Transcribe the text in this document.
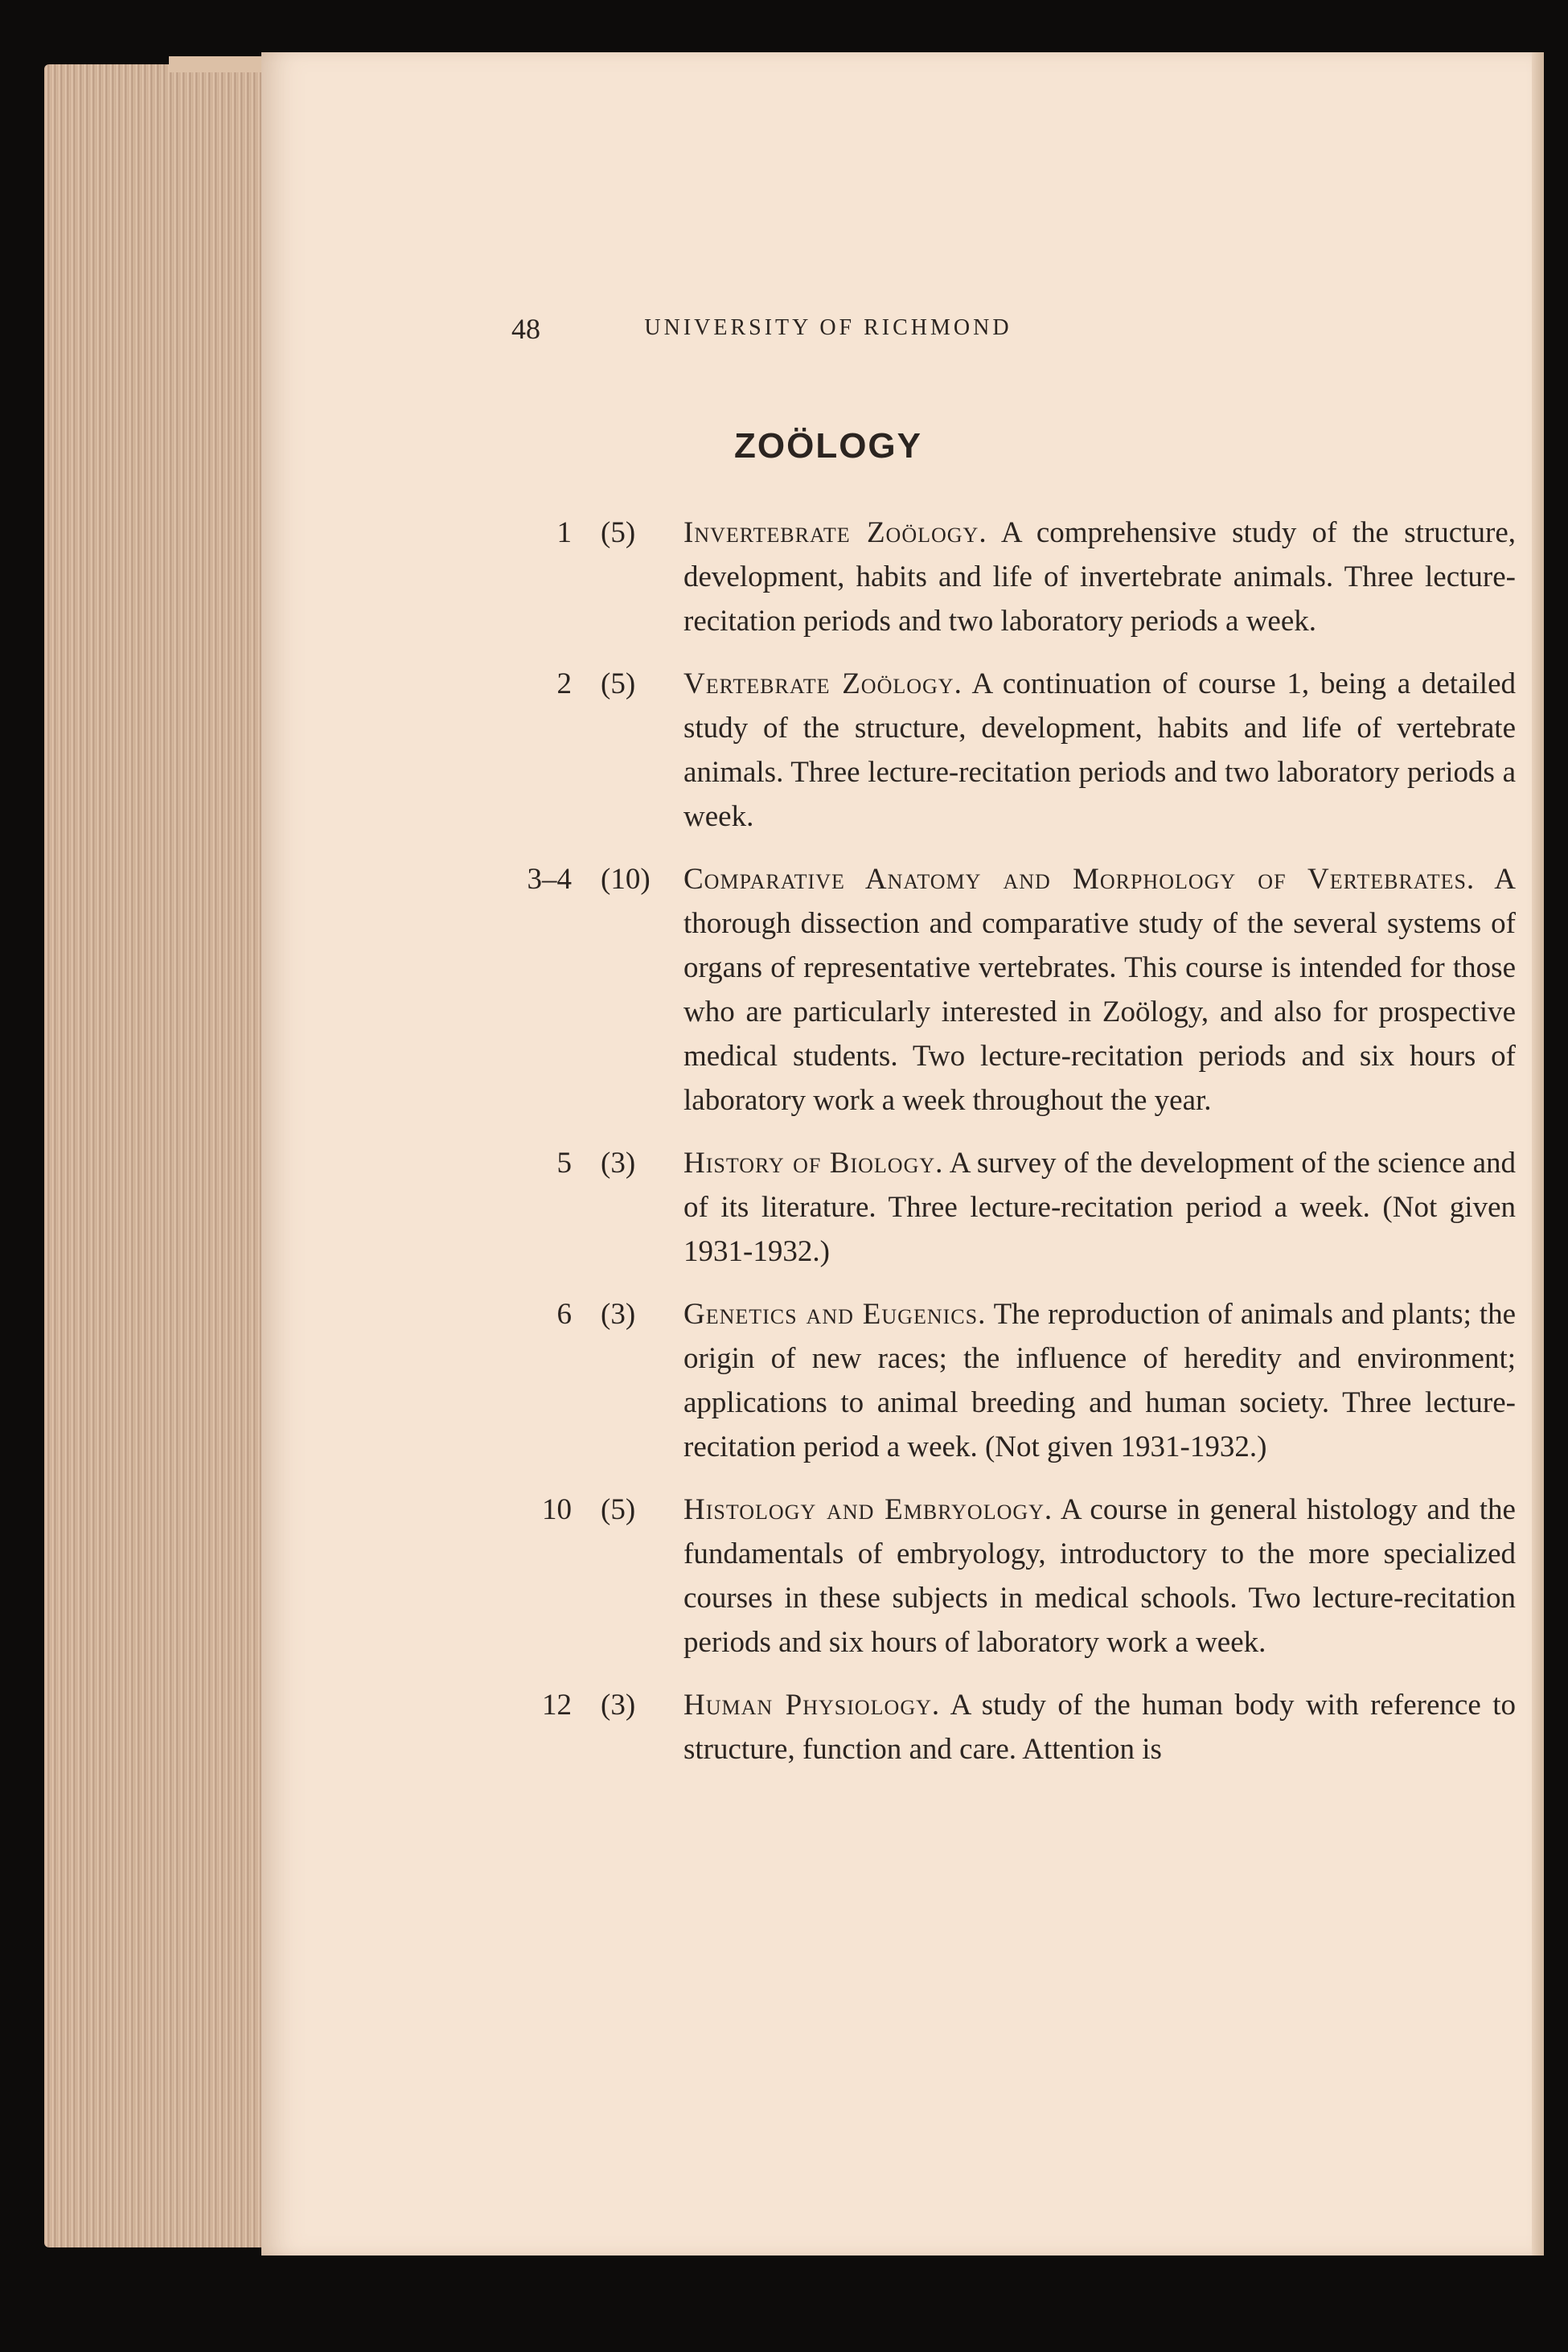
48	UNIVERSITY OF RICHMOND
ZOÖLOGY
1 (5)	Invertebrate Zoölogy. A comprehensive study of the structure, development, habits and life of invertebrate animals. Three lecture-recitation periods and two laboratory periods a week.
2 (5)	Vertebrate Zoölogy. A continuation of course 1, being a detailed study of the structure, development, habits and life of vertebrate animals. Three lecture-recitation periods and two laboratory periods a week.
3–4 (10)	Comparative Anatomy and Morphology of Vertebrates. A thorough dissection and comparative study of the several systems of organs of representative vertebrates. This course is intended for those who are particularly interested in Zoölogy, and also for prospective medical students. Two lecture-recitation periods and six hours of laboratory work a week throughout the year.
5 (3)	History of Biology. A survey of the development of the science and of its literature. Three lecture-recitation period a week. (Not given 1931-1932.)
6 (3)	Genetics and Eugenics. The reproduction of animals and plants; the origin of new races; the influence of heredity and environment; applications to animal breeding and human society. Three lecture-recitation period a week. (Not given 1931-1932.)
10 (5)	Histology and Embryology. A course in general histology and the fundamentals of embryology, introductory to the more specialized courses in these subjects in medical schools. Two lecture-recitation periods and six hours of laboratory work a week.
12 (3)	Human Physiology. A study of the human body with reference to structure, function and care. Attention is
